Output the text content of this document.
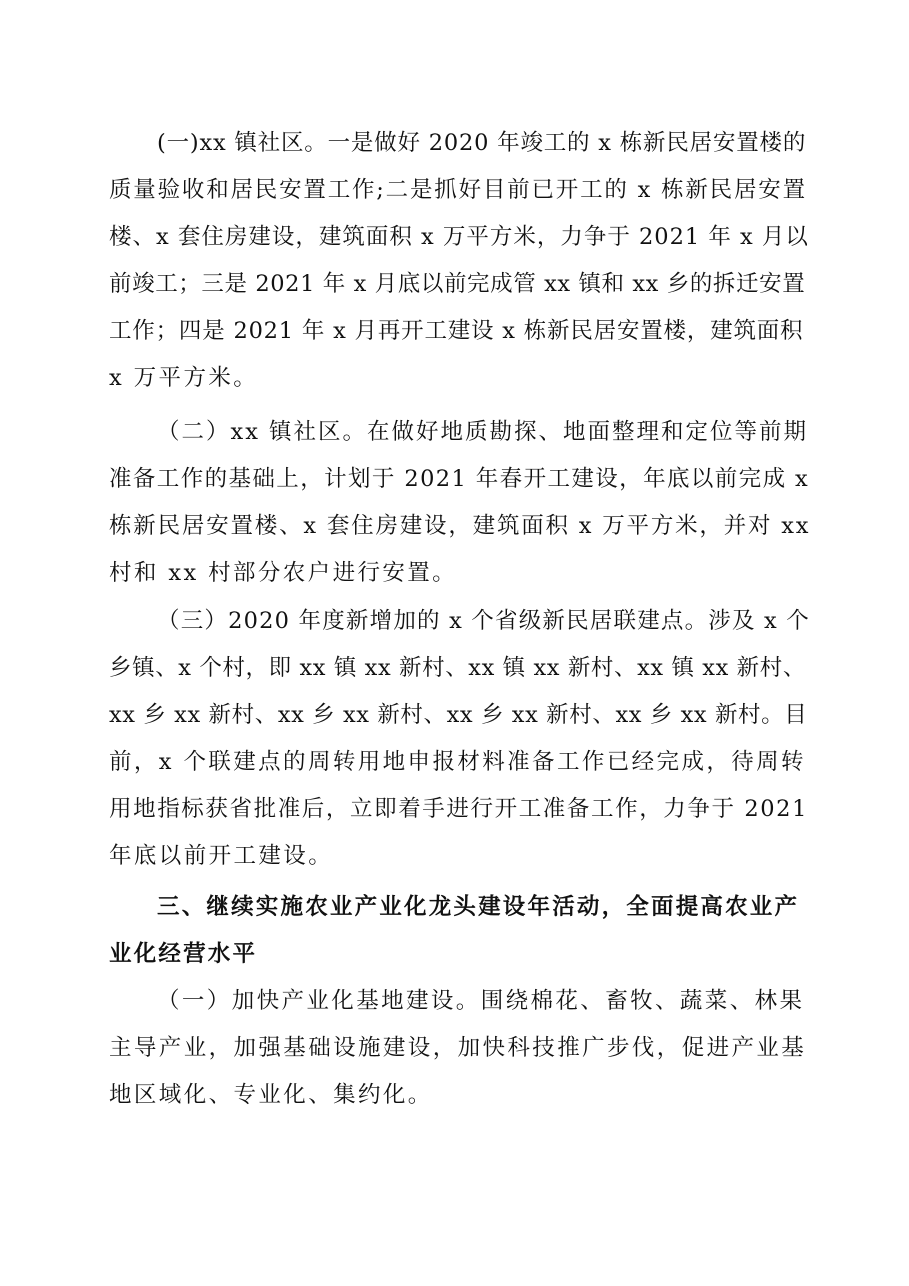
(一)xx 镇社区。一是做好 2020 年竣工的 x 栋新民居安置楼的
质量验收和居民安置工作;二是抓好目前已开工的 x 栋新民居安置
楼、x 套住房建设，建筑面积 x 万平方米，力争于 2021 年 x 月以
前竣工；三是 2021 年 x 月底以前完成管 xx 镇和 xx 乡的拆迁安置
工作；四是 2021 年 x 月再开工建设 x 栋新民居安置楼，建筑面积
x 万平方米。
（二）xx 镇社区。在做好地质勘探、地面整理和定位等前期
准备工作的基础上，计划于 2021 年春开工建设，年底以前完成 x
栋新民居安置楼、x 套住房建设，建筑面积 x 万平方米，并对 xx
村和 xx 村部分农户进行安置。
（三）2020 年度新增加的 x 个省级新民居联建点。涉及 x 个
乡镇、x 个村，即 xx 镇 xx 新村、xx 镇 xx 新村、xx 镇 xx 新村、
xx 乡 xx 新村、xx 乡 xx 新村、xx 乡 xx 新村、xx 乡 xx 新村。目
前，x 个联建点的周转用地申报材料准备工作已经完成，待周转
用地指标获省批准后，立即着手进行开工准备工作，力争于 2021
年底以前开工建设。
三、继续实施农业产业化龙头建设年活动，全面提高农业产
业化经营水平
（一）加快产业化基地建设。围绕棉花、畜牧、蔬菜、林果
主导产业，加强基础设施建设，加快科技推广步伐，促进产业基
地区域化、专业化、集约化。
